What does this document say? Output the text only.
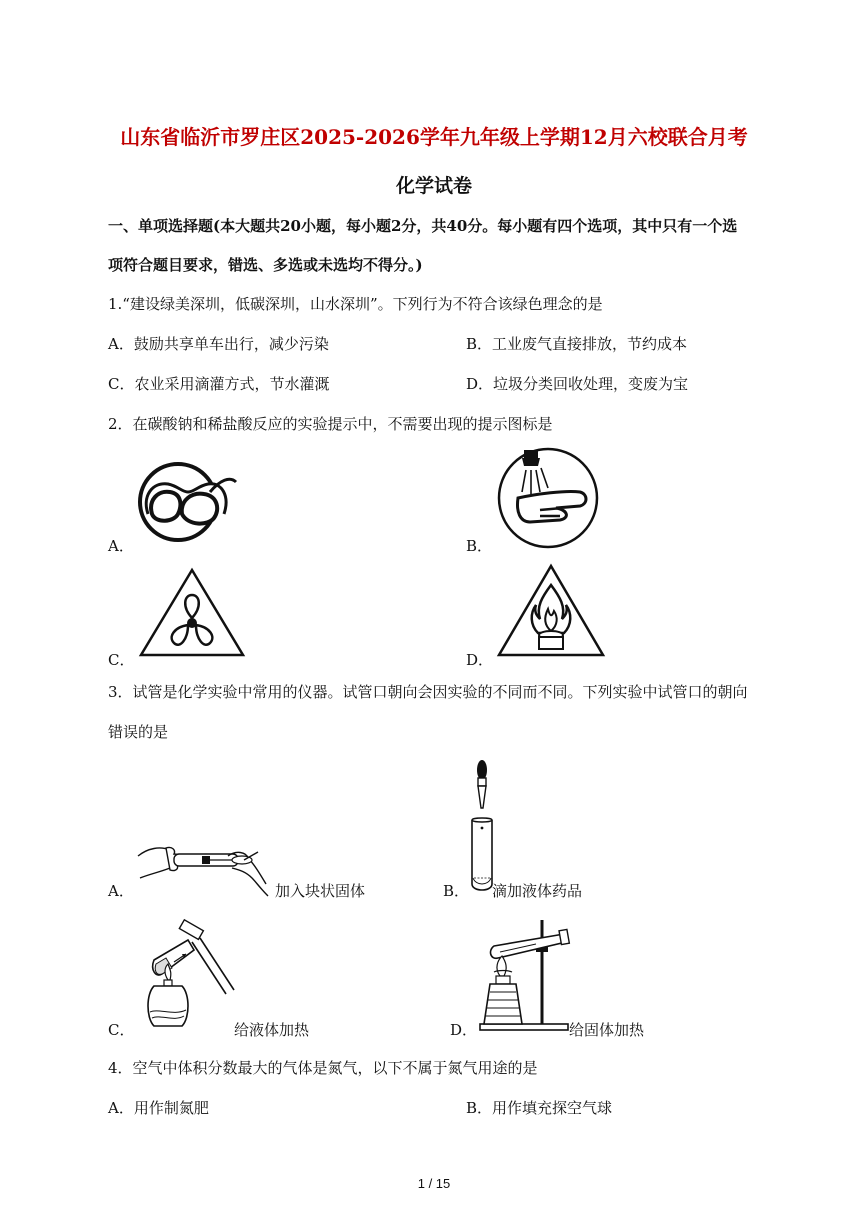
山东省临沂市罗庄区2025-2026学年九年级上学期12月六校联合月考
化学试卷
一、单项选择题(本大题共20小题，每小题2分，共40分。每小题有四个选项，其中只有一个选
项符合题目要求，错选、多选或未选均不得分。)
1.“建设绿美深圳，低碳深圳，山水深圳”。下列行为不符合该绿色理念的是
A．鼓励共享单车出行，减少污染	B．工业废气直接排放，节约成本
C．农业采用滴灌方式，节水灌溉	D．垃圾分类回收处理，变废为宝
2．在碳酸钠和稀盐酸反应的实验提示中，不需要出现的提示图标是
A．	B．
C．	D．
3．试管是化学实验中常用的仪器。试管口朝向会因实验的不同而不同。下列实验中试管口的朝向
错误的是
A．	加入块状固体	B． 滴加液体药品
C．	给液体加热	D．	给固体加热
4．空气中体积分数最大的气体是氮气，以下不属于氮气用途的是
A．用作制氮肥	B．用作填充探空气球
1 / 15
